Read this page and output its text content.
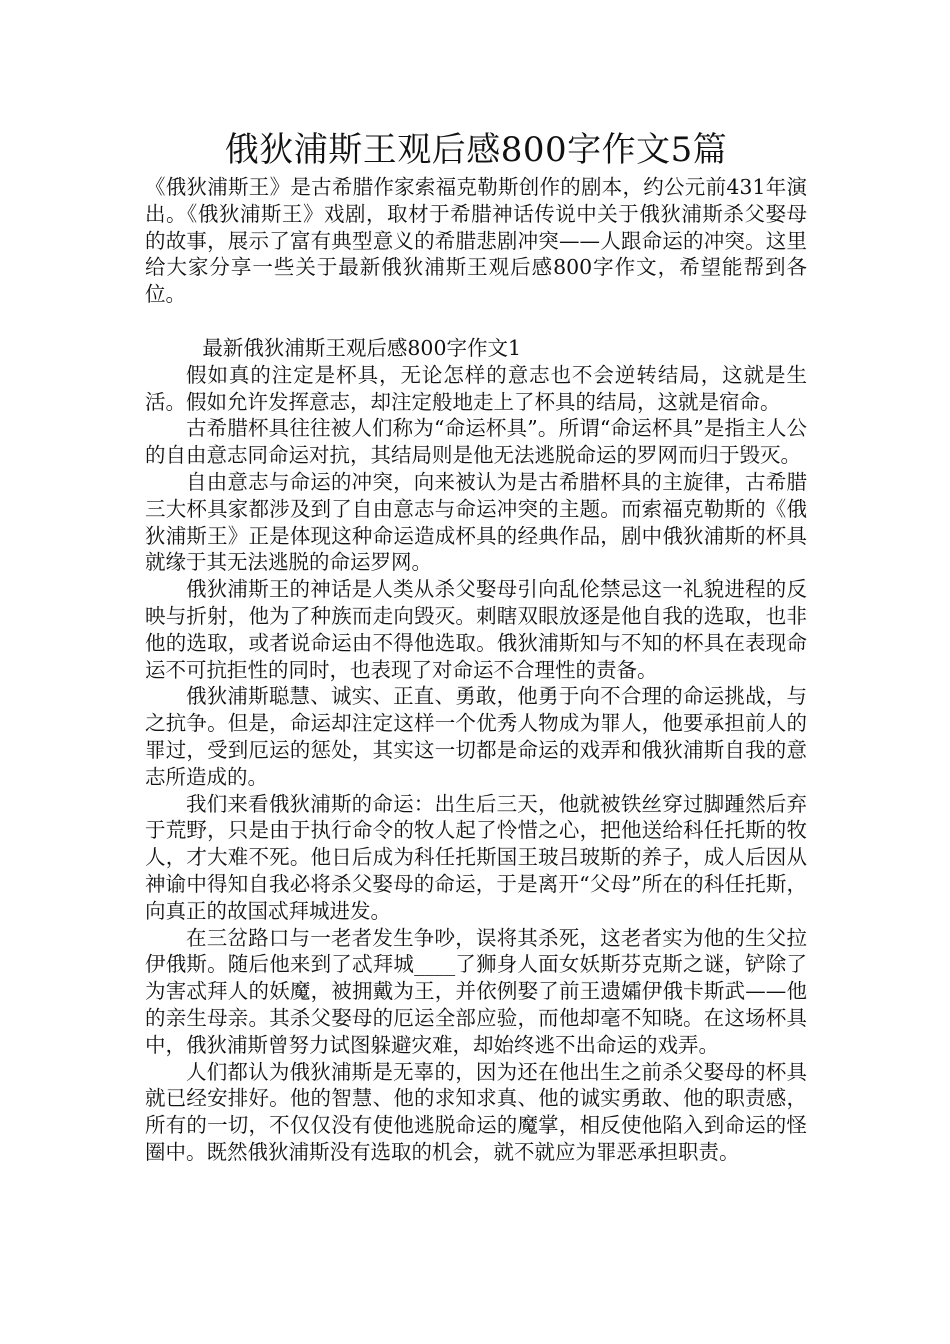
俄狄浦斯王观后感800字作文5篇

《俄狄浦斯王》是古希腊作家索福克勒斯创作的剧本，约公元前431年演出。《俄狄浦斯王》戏剧，取材于希腊神话传说中关于俄狄浦斯杀父娶母的故事，展示了富有典型意义的希腊悲剧冲突——人跟命运的冲突。这里给大家分享一些关于最新俄狄浦斯王观后感800字作文，希望能帮到各位。

最新俄狄浦斯王观后感800字作文1

假如真的注定是杯具，无论怎样的意志也不会逆转结局，这就是生活。假如允许发挥意志，却注定般地走上了杯具的结局，这就是宿命。

古希腊杯具往往被人们称为“命运杯具”。所谓“命运杯具”是指主人公的自由意志同命运对抗，其结局则是他无法逃脱命运的罗网而归于毁灭。

自由意志与命运的冲突，向来被认为是古希腊杯具的主旋律，古希腊三大杯具家都涉及到了自由意志与命运冲突的主题。而索福克勒斯的《俄狄浦斯王》正是体现这种命运造成杯具的经典作品，剧中俄狄浦斯的杯具就缘于其无法逃脱的命运罗网。

俄狄浦斯王的神话是人类从杀父娶母引向乱伦禁忌这一礼貌进程的反映与折射，他为了种族而走向毁灭。刺瞎双眼放逐是他自我的选取，也非他的选取，或者说命运由不得他选取。俄狄浦斯知与不知的杯具在表现命运不可抗拒性的同时，也表现了对命运不合理性的责备。

俄狄浦斯聪慧、诚实、正直、勇敢，他勇于向不合理的命运挑战，与之抗争。但是，命运却注定这样一个优秀人物成为罪人，他要承担前人的罪过，受到厄运的惩处，其实这一切都是命运的戏弄和俄狄浦斯自我的意志所造成的。

我们来看俄狄浦斯的命运：出生后三天，他就被铁丝穿过脚踵然后弃于荒野，只是由于执行命令的牧人起了怜惜之心，把他送给科任托斯的牧人，才大难不死。他日后成为科任托斯国王玻吕玻斯的养子，成人后因从神谕中得知自我必将杀父娶母的命运，于是离开“父母”所在的科任托斯，向真正的故国忒拜城进发。

在三岔路口与一老者发生争吵，误将其杀死，这老者实为他的生父拉伊俄斯。随后他来到了忒拜城____了狮身人面女妖斯芬克斯之谜，铲除了为害忒拜人的妖魔，被拥戴为王，并依例娶了前王遗孀伊俄卡斯武——他的亲生母亲。其杀父娶母的厄运全部应验，而他却毫不知晓。在这场杯具中，俄狄浦斯曾努力试图躲避灾难，却始终逃不出命运的戏弄。

人们都认为俄狄浦斯是无辜的，因为还在他出生之前杀父娶母的杯具就已经安排好。他的智慧、他的求知求真、他的诚实勇敢、他的职责感，所有的一切，不仅仅没有使他逃脱命运的魔掌，相反使他陷入到命运的怪圈中。既然俄狄浦斯没有选取的机会，就不就应为罪恶承担职责。
